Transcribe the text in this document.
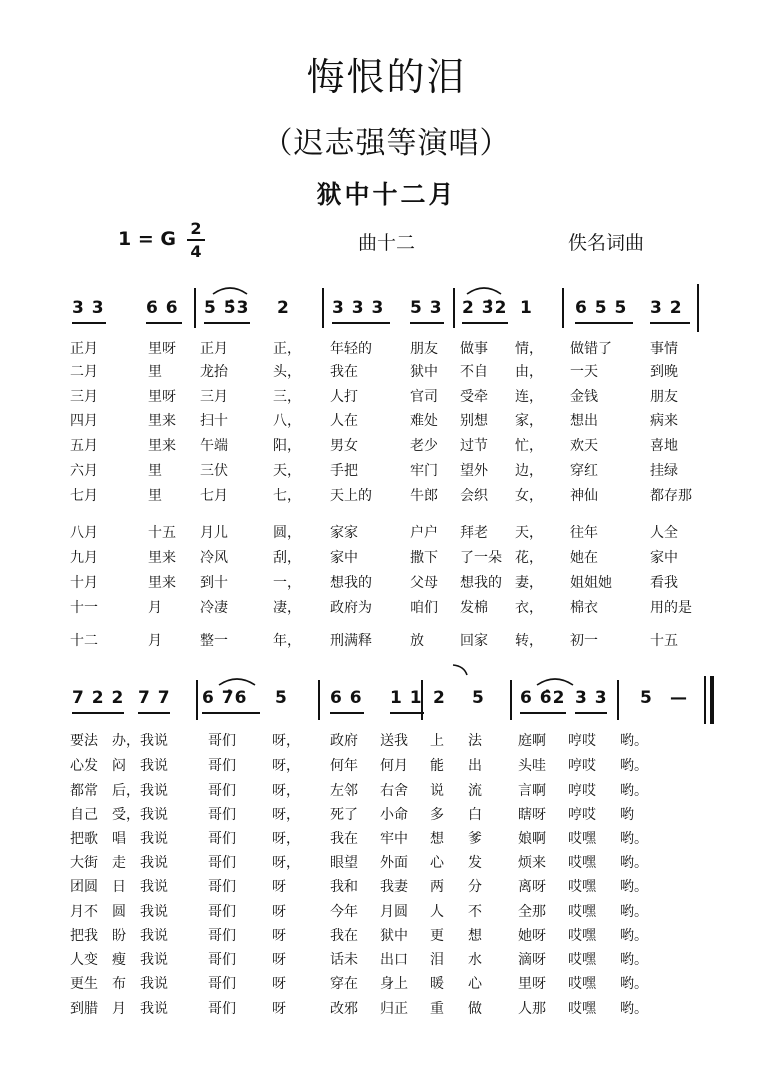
悔恨的泪
（迟志强等演唱）
狱中十二月
1 = G 2
4	曲十二	佚名词曲
3 3 6 6 5 5̂3 2 3 3 3 5 3 2 3̂2 1 6 5 5 3 2
正月	里呀 正月	正， 年轻的	朋友 做事 情， 做错了	事情
二月	里	龙抬	头， 我在	狱中 不自 由， 一天	到晚
三月	里呀 三月	三， 人打	官司 受牵 连， 金钱	朋友
四月	里来 扫十	八， 人在	难处 别想 家， 想出	病来
五月	里来 午端	阳， 男女	老少 过节 忙， 欢天	喜地
六月	里	三伏	天， 手把	牢门 望外 边， 穿红	挂绿
七月	里	七月	七， 天上的	牛郎 会织 女， 神仙	都存那
八月	十五 月儿	圆， 家家	户户 拜老 天， 往年	人全
九月	里来 冷风	刮， 家中	撒下 了一朵 花， 她在	家中
十月	里来 到十	一， 想我的	父母 想我的 妻， 姐姐她	看我
十一	月	冷凄	凄， 政府为	咱们 发棉 衣， 棉衣	用的是
十二	月	整一	年， 刑满释	放	回家 转， 初一	十五
7 2 2 7 7 6 7̂6 5 6 6 1 1 2 5 6 6̂2 3 3 5 —
要法 办， 我说	哥们	呀， 政府 送我 上 法	庭啊 哼哎 哟。
心发 闷 我说	哥们	呀， 何年 何月 能 出	头哇 哼哎 哟。
都常 后， 我说	哥们	呀， 左邻 右舍 说 流	言啊 哼哎 哟。
自己 受， 我说	哥们	呀， 死了 小命 多 白	瞎呀 哼哎 哟
把歌 唱 我说	哥们	呀， 我在 牢中 想 爹	娘啊 哎嘿 哟。
大街 走 我说	哥们	呀， 眼望 外面 心 发	烦来 哎嘿 哟。
团圆 日 我说	哥们	呀	我和 我妻 两 分	离呀 哎嘿 哟。
月不 圆 我说	哥们	呀	今年 月圆 人 不	全那 哎嘿 哟。
把我 盼 我说	哥们	呀	我在 狱中 更 想	她呀 哎嘿 哟。
人变 瘦 我说	哥们	呀	话未 出口 泪 水	滴呀 哎嘿 哟。
更生 布 我说	哥们	呀	穿在 身上 暖 心	里呀 哎嘿 哟。
到腊 月 我说	哥们	呀	改邪 归正 重 做	人那 哎嘿 哟。
